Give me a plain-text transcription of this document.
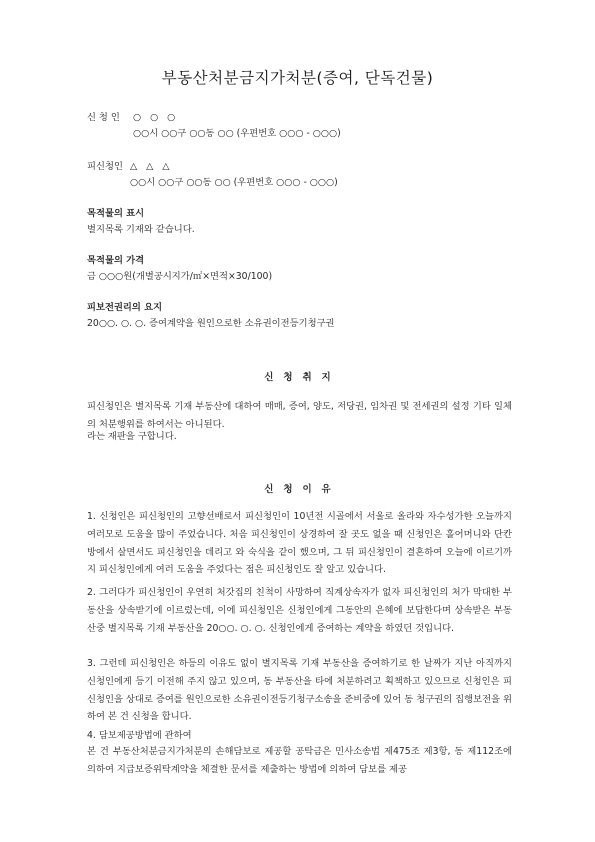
부동산처분금지가처분(증여, 단독건물)
신 청 인 ○ ○ ○
○○시 ○○구 ○○동 ○○ (우편번호 ○○○ - ○○○)
피신청인 △ △ △
○○시 ○○구 ○○동 ○○ (우편번호 ○○○ - ○○○)
목적물의 표시
별지목록 기재와 같습니다.
목적물의 가격
금 ○○○원(개별공시지가/㎡×면적×30/100)
피보전권리의 요지
20○○. ○. ○. 증여계약을 원인으로한 소유권이전등기청구권
신   청   취   지

피신청인은 별지목록 기재 부동산에 대하여 매매, 증여, 양도, 저당권, 임차권 및 전세권의 설정 기타 일체의 처분행위를 하여서는 아니된다.

라는 재판을 구합니다.
신   청   이   유

1. 신청인은 피신청인의 고향선배로서 피신청인이 10년전 시골에서 서울로 올라와 자수성가한 오늘까지 여러모로 도움을 많이 주었습니다. 처음 피신청인이 상경하여 잘 곳도 없을 때 신청인은 홀어머니와 단칸방에서 살면서도 피신청인을 데리고 와 숙식을 같이 했으며, 그 뒤 피신청인이 결혼하여 오늘에 이르기까지 피신청인에게 여러 도움을 주었다는 점은 피신청인도 잘 알고 있습니다.

2. 그러다가 피신청인이 우연히 처갓집의 친척이 사망하여 직계상속자가 없자 피신청인의 처가 막대한 부동산을 상속받기에 이르렀는데, 이에 피신청인은 신청인에게 그동안의 은혜에 보답한다며 상속받은 부동산중 별지목록 기재 부동산을 20○○. ○. ○. 신청인에게 증여하는 계약을 하였던 것입니다.

3. 그런데 피신청인은 하등의 이유도 없이 별지목록 기재 부동산을 증여하기로 한 날짜가 지난 아직까지 신청인에게 등기 이전해 주지 않고 있으며, 동 부동산을 타에 처분하려고 획책하고 있으므로 신청인은 피신청인을 상대로 증여를 원인으로한 소유권이전등기청구소송을 준비중에 있어 동 청구권의 집행보전을 위하여 본 건 신청을 합니다.

4. 담보제공방법에 관하여

본 건 부동산처분금지가처분의 손해담보로 제공할 공탁금은 민사소송법 제475조 제3항, 동 제112조에 의하여 지급보증위탁계약을 체결한 문서를 제출하는 방법에 의하여 담보를 제공
